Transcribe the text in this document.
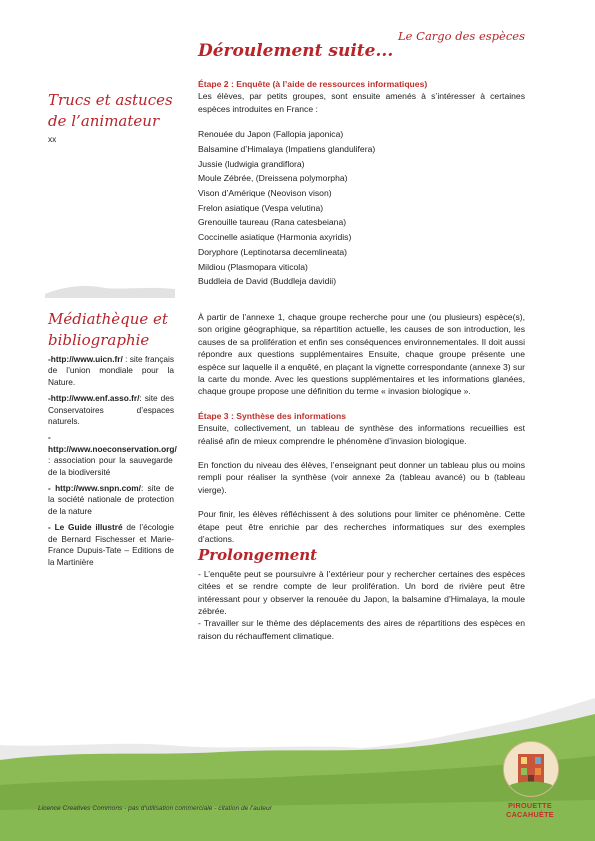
Le Cargo des espèces
Déroulement suite...
Trucs et astuces
de l’animateur
xx
Médiathèque et
bibliographie

-http://www.uicn.fr/ : site français de l’union mondiale pour la Nature.

-http://www.enf.asso.fr/: site des Conservatoires d’espaces naturels.

- http://www.noeconservation.org/ : association pour la sauvegarde de la biodiversité

- http://www.snpn.com/: site de la société nationale de protection de la nature

- Le Guide illustré de l’écologie de Bernard Fischesser et Marie-France Dupuis-Tate – Editions de la Martinière

Étape 2 : Enquête (à l’aide de ressources informatiques)

Les élèves, par petits groupes, sont ensuite amenés à s’intéresser à certaines espèces introduites en France :

Renouée du Japon (Fallopia japonica)
Balsamine d’Himalaya (Impatiens glandulifera)
Jussie (ludwigia grandiflora)
Moule Zébrée, (Dreissena polymorpha)
Vison d’Amérique (Neovison vison)
Frelon asiatique (Vespa velutina)
Grenouille taureau (Rana catesbeiana)
Coccinelle asiatique (Harmonia axyridis)
Doryphore (Leptinotarsa decemlineata)
Mildiou (Plasmopara viticola)
Buddleia de David (Buddleja davidii)

À partir de l’annexe 1, chaque groupe recherche pour une (ou plusieurs) espèce(s), son origine géographique, sa répartition actuelle, les causes de son introduction, les causes de sa prolifération et enfin ses conséquences environnementales. Il doit aussi répondre aux questions supplémentaires Ensuite, chaque groupe présente une espèce sur laquelle il a enquêté, en plaçant la vignette correspondante (annexe 3) sur la carte du monde. Avec les questions supplémentaires et les informations glanées, chaque groupe propose une définition du terme « invasion biologique ».

Étape 3 : Synthèse des informations

Ensuite, collectivement, un tableau de synthèse des informations recueillies est réalisé afin de mieux comprendre le phénomène d’invasion biologique.

En fonction du niveau des élèves, l’enseignant peut donner un tableau plus ou moins rempli pour réaliser la synthèse (voir annexe 2a (tableau avancé) ou b (tableau vierge).

Pour finir, les élèves réfléchissent à des solutions pour limiter ce phénomène. Cette étape peut être enrichie par des recherches informatiques sur des exemples d’actions.

Prolongement

- L’enquête peut se poursuivre à l’extérieur pour y rechercher certaines des espèces citées et se rendre compte de leur prolifération. Un bord de rivière peut être intéressant pour y observer la renouée du Japon, la balsamine d’Himalaya, la moule zébrée.

- Travailler sur le thème des déplacements des aires de répartitions des espèces en raison du réchauffement climatique.

Licence Creatives Commons - pas d’utilisation commerciale - citation de l’auteur	PIROUETTE
CACAHUÈTE
